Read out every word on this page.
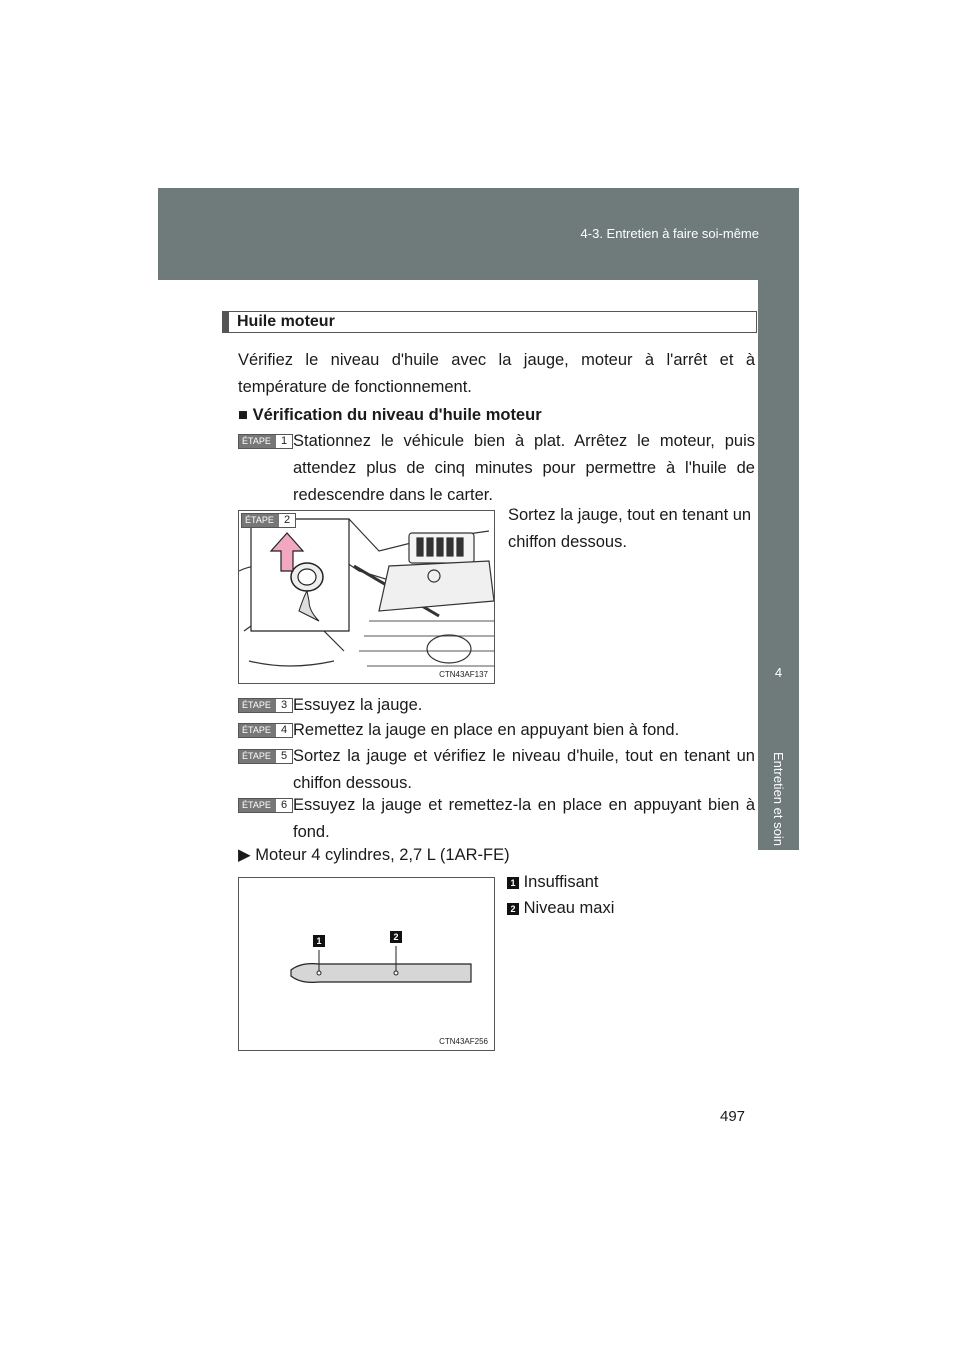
4-3. Entretien à faire soi-même
4
Entretien et soin
Huile moteur
Vérifiez le niveau d'huile avec la jauge, moteur à l'arrêt et à température de fonctionnement.
■ Vérification du niveau d'huile moteur
ÉTAPE 1 Stationnez le véhicule bien à plat. Arrêtez le moteur, puis attendez plus de cinq minutes pour permettre à l'huile de redescendre dans le carter.
ÉTAPE 2
CTN43AF137
Sortez la jauge, tout en tenant un chiffon dessous.
ÉTAPE 3 Essuyez la jauge.
ÉTAPE 4 Remettez la jauge en place en appuyant bien à fond.
ÉTAPE 5 Sortez la jauge et vérifiez le niveau d'huile, tout en tenant un chiffon dessous.
ÉTAPE 6 Essuyez la jauge et remettez-la en place en appuyant bien à fond.
▶ Moteur 4 cylindres, 2,7 L (1AR-FE)
1	2
CTN43AF256
1 Insuffisant
2 Niveau maxi
497
